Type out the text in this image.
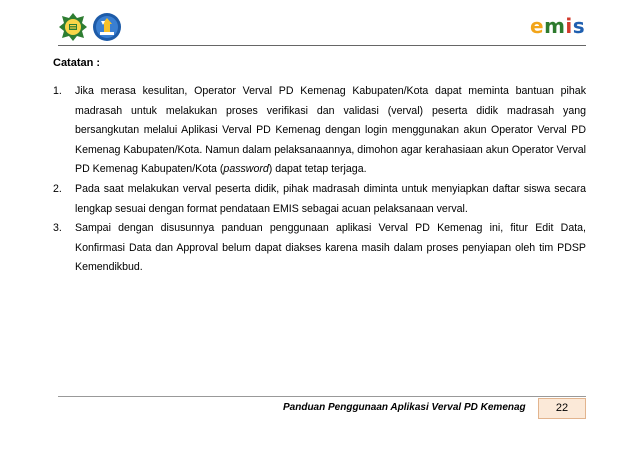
emis
Catatan :
1. Jika merasa kesulitan, Operator Verval PD Kemenag Kabupaten/Kota dapat meminta bantuan pihak madrasah untuk melakukan proses verifikasi dan validasi (verval) peserta didik madrasah yang bersangkutan melalui Aplikasi Verval PD Kemenag dengan login menggunakan akun Operator Verval PD Kemenag Kabupaten/Kota. Namun dalam pelaksanaannya, dimohon agar kerahasiaan akun Operator Verval PD Kemenag Kabupaten/Kota (password) dapat tetap terjaga.
2. Pada saat melakukan verval peserta didik, pihak madrasah diminta untuk menyiapkan daftar siswa secara lengkap sesuai dengan format pendataan EMIS sebagai acuan pelaksanaan verval.
3. Sampai dengan disusunnya panduan penggunaan aplikasi Verval PD Kemenag ini, fitur Edit Data, Konfirmasi Data dan Approval belum dapat diakses karena masih dalam proses penyiapan oleh tim PDSP Kemendikbud.
Panduan Penggunaan Aplikasi Verval PD Kemenag	22
